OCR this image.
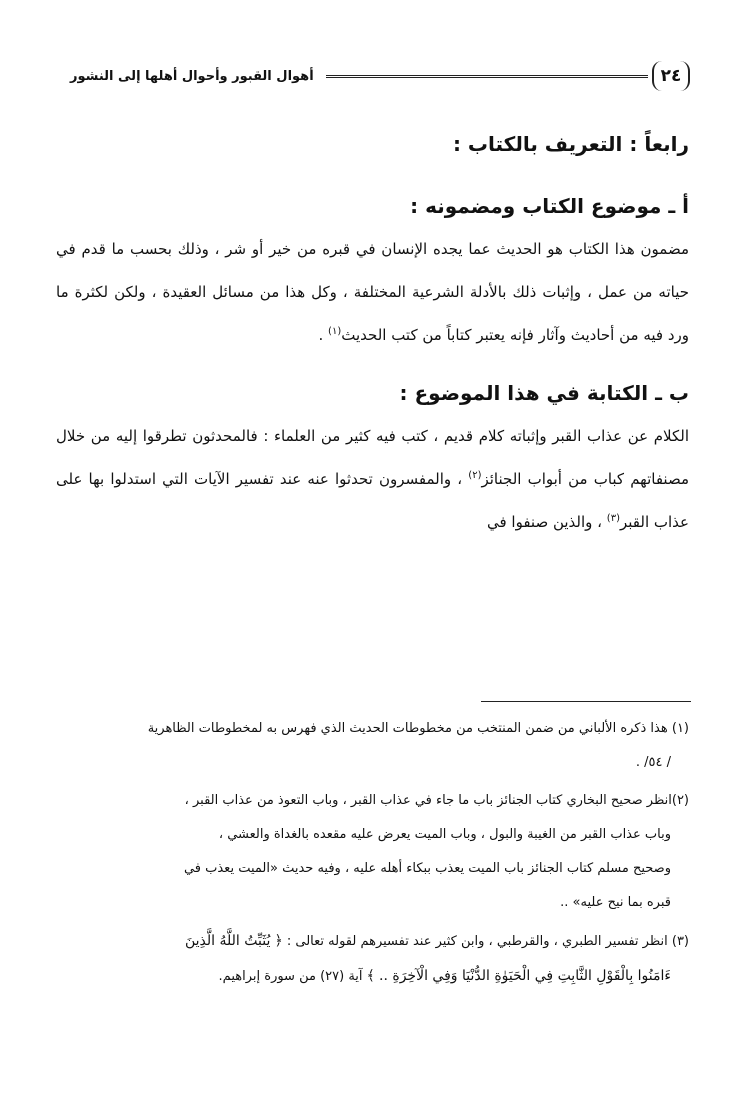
أهوال القبور وأحوال أهلها إلى النشور	٢٤
رابعاً : التعريف بالكتاب :
أ ـ موضوع الكتاب ومضمونه :

مضمون هذا الكتاب هو الحديث عما يجده الإنسان في قبره من خير أو شر ، وذلك بحسب ما قدم في حياته من عمل ، وإثبات ذلك بالأدلة الشرعية المختلفة ، وكل هذا من مسائل العقيدة ، ولكن لكثرة ما ورد فيه من أحاديث وآثار فإنه يعتبر كتاباً من كتب الحديث$^{(١)}$ .

ب ـ الكتابة في هذا الموضوع :

الكلام عن عذاب القبر وإثباته كلام قديم ، كتب فيه كثير من العلماء : فالمحدثون تطرقوا إليه من خلال مصنفاتهم كباب من أبواب الجنائز$^{(٢)}$ ، والمفسرون تحدثوا عنه عند تفسير الآيات التي استدلوا بها على عذاب القبر$^{(٣)}$ ، والذين صنفوا في

(١) هذا ذكره الألباني من ضمن المنتخب من مخطوطات الحديث الذي فهرس به لمخطوطات الظاهرية
/ ٥٤/ .
(٢)انظر صحيح البخاري كتاب الجنائز باب ما جاء في عذاب القبر ، وباب التعوذ من عذاب القبر ،
وباب عذاب القبر من الغيبة والبول ، وباب الميت يعرض عليه مقعده بالغداة والعشي ،
وصحيح مسلم كتاب الجنائز باب الميت يعذب ببكاء أهله عليه ، وفيه حديث «الميت يعذب في
قبره بما نيح عليه» ..
(٣) انظر تفسير الطبري ، والقرطبي ، وابن كثير عند تفسيرهم لقوله تعالى : ﴿ يُثَبِّتُ اللَّهُ الَّذِينَ
ءَامَنُوا بِالْقَوْلِ الثَّابِتِ فِي الْحَيَوٰةِ الدُّنْيَا وَفِي الْآخِرَةِ .. ﴾ آية (٢٧) من سورة إبراهيم.
